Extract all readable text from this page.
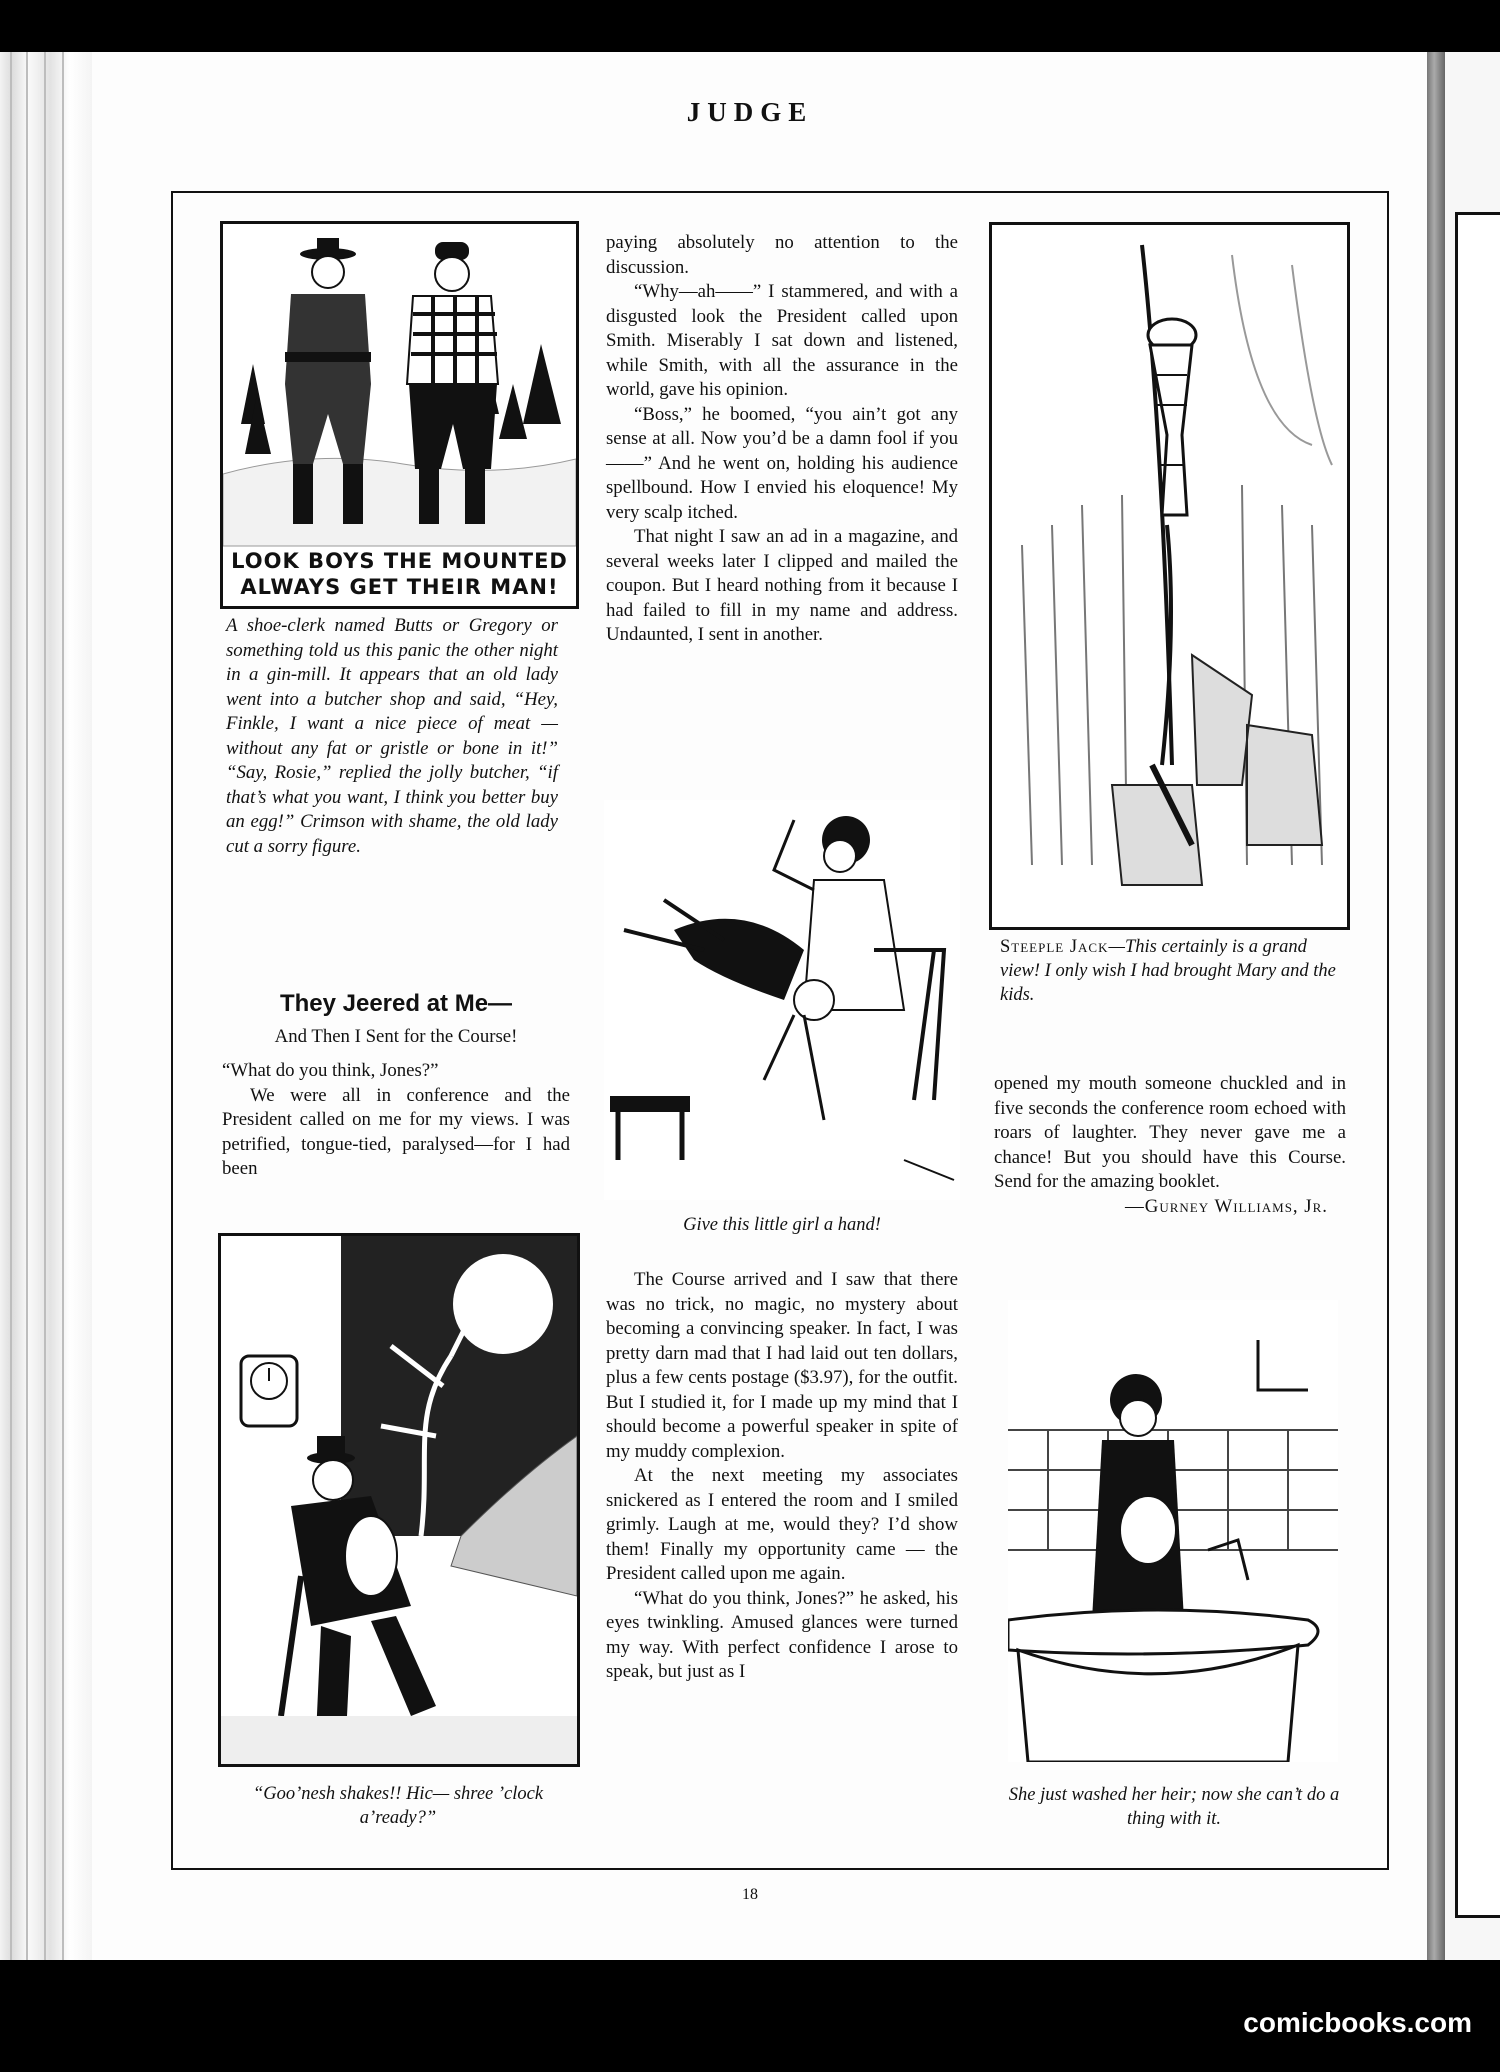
JUDGE
LOOK BOYS THE MOUNTED
ALWAYS GET THEIR MAN!

A shoe-clerk named Butts or Gregory or something told us this panic the other night in a gin-mill. It appears that an old lady went into a butcher shop and said, “Hey, Finkle, I want a nice piece of meat — without any fat or gristle or bone in it!” “Say, Rosie,” replied the jolly butcher, “if that’s what you want, I think you better buy an egg!” Crimson with shame, the old lady cut a sorry figure.

They Jeered at Me—

And Then I Sent for the Course!

“What do you think, Jones?”

We were all in conference and the President called on me for my views. I was petrified, tongue-tied, paralysed—for I had been

“Goo’nesh shakes!! Hic— shree ’clock a’ready?”

paying absolutely no attention to the discussion.

“Why—ah——” I stammered, and with a disgusted look the President called upon Smith. Miserably I sat down and listened, while Smith, with all the assurance in the world, gave his opinion.

“Boss,” he boomed, “you ain’t got any sense at all. Now you’d be a damn fool if you——” And he went on, holding his audience spellbound. How I envied his eloquence! My very scalp itched.

That night I saw an ad in a magazine, and several weeks later I clipped and mailed the coupon. But I heard nothing from it because I had failed to fill in my name and address. Undaunted, I sent in another.

Give this little girl a hand!

The Course arrived and I saw that there was no trick, no magic, no mystery about becoming a convincing speaker. In fact, I was pretty darn mad that I had laid out ten dollars, plus a few cents postage ($3.97), for the outfit. But I studied it, for I made up my mind that I should become a powerful speaker in spite of my muddy complexion.

At the next meeting my associates snickered as I entered the room and I smiled grimly. Laugh at me, would they? I’d show them! Finally my opportunity came — the President called upon me again.

“What do you think, Jones?” he asked, his eyes twinkling. Amused glances were turned my way. With perfect confidence I arose to speak, but just as I

Steeple Jack—This certainly is a grand view! I only wish I had brought Mary and the kids.

opened my mouth someone chuckled and in five seconds the conference room echoed with roars of laughter. They never gave me a chance! But you should have this Course. Send for the amazing booklet.

—Gurney Williams, Jr.

She just washed her heir; now she can’t do a thing with it.
18
comicbooks.com
